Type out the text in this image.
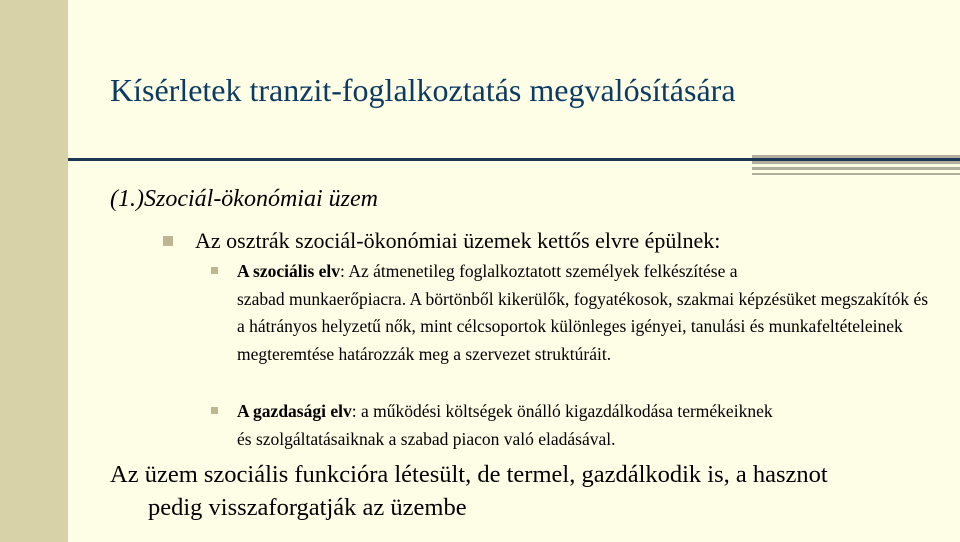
Kísérletek tranzit-foglalkoztatás megvalósítására
(1.)Szociál-ökonómiai üzem
Az osztrák szociál-ökonómiai üzemek kettős elvre épülnek:
A szociális elv: Az átmenetileg foglalkoztatott személyek felkészítése a
szabad munkaerőpiacra. A börtönből kikerülők, fogyatékosok, szakmai képzésüket megszakítók és a hátrányos helyzetű nők, mint célcsoportok különleges igényei, tanulási és munkafeltételeinek megteremtése határozzák meg a szervezet struktúráit.
A gazdasági elv: a működési költségek önálló kigazdálkodása termékeiknek
és szolgáltatásaiknak a szabad piacon való eladásával.
Az üzem szociális funkcióra létesült, de termel, gazdálkodik is, a hasznot
pedig visszaforgatják az üzembe
